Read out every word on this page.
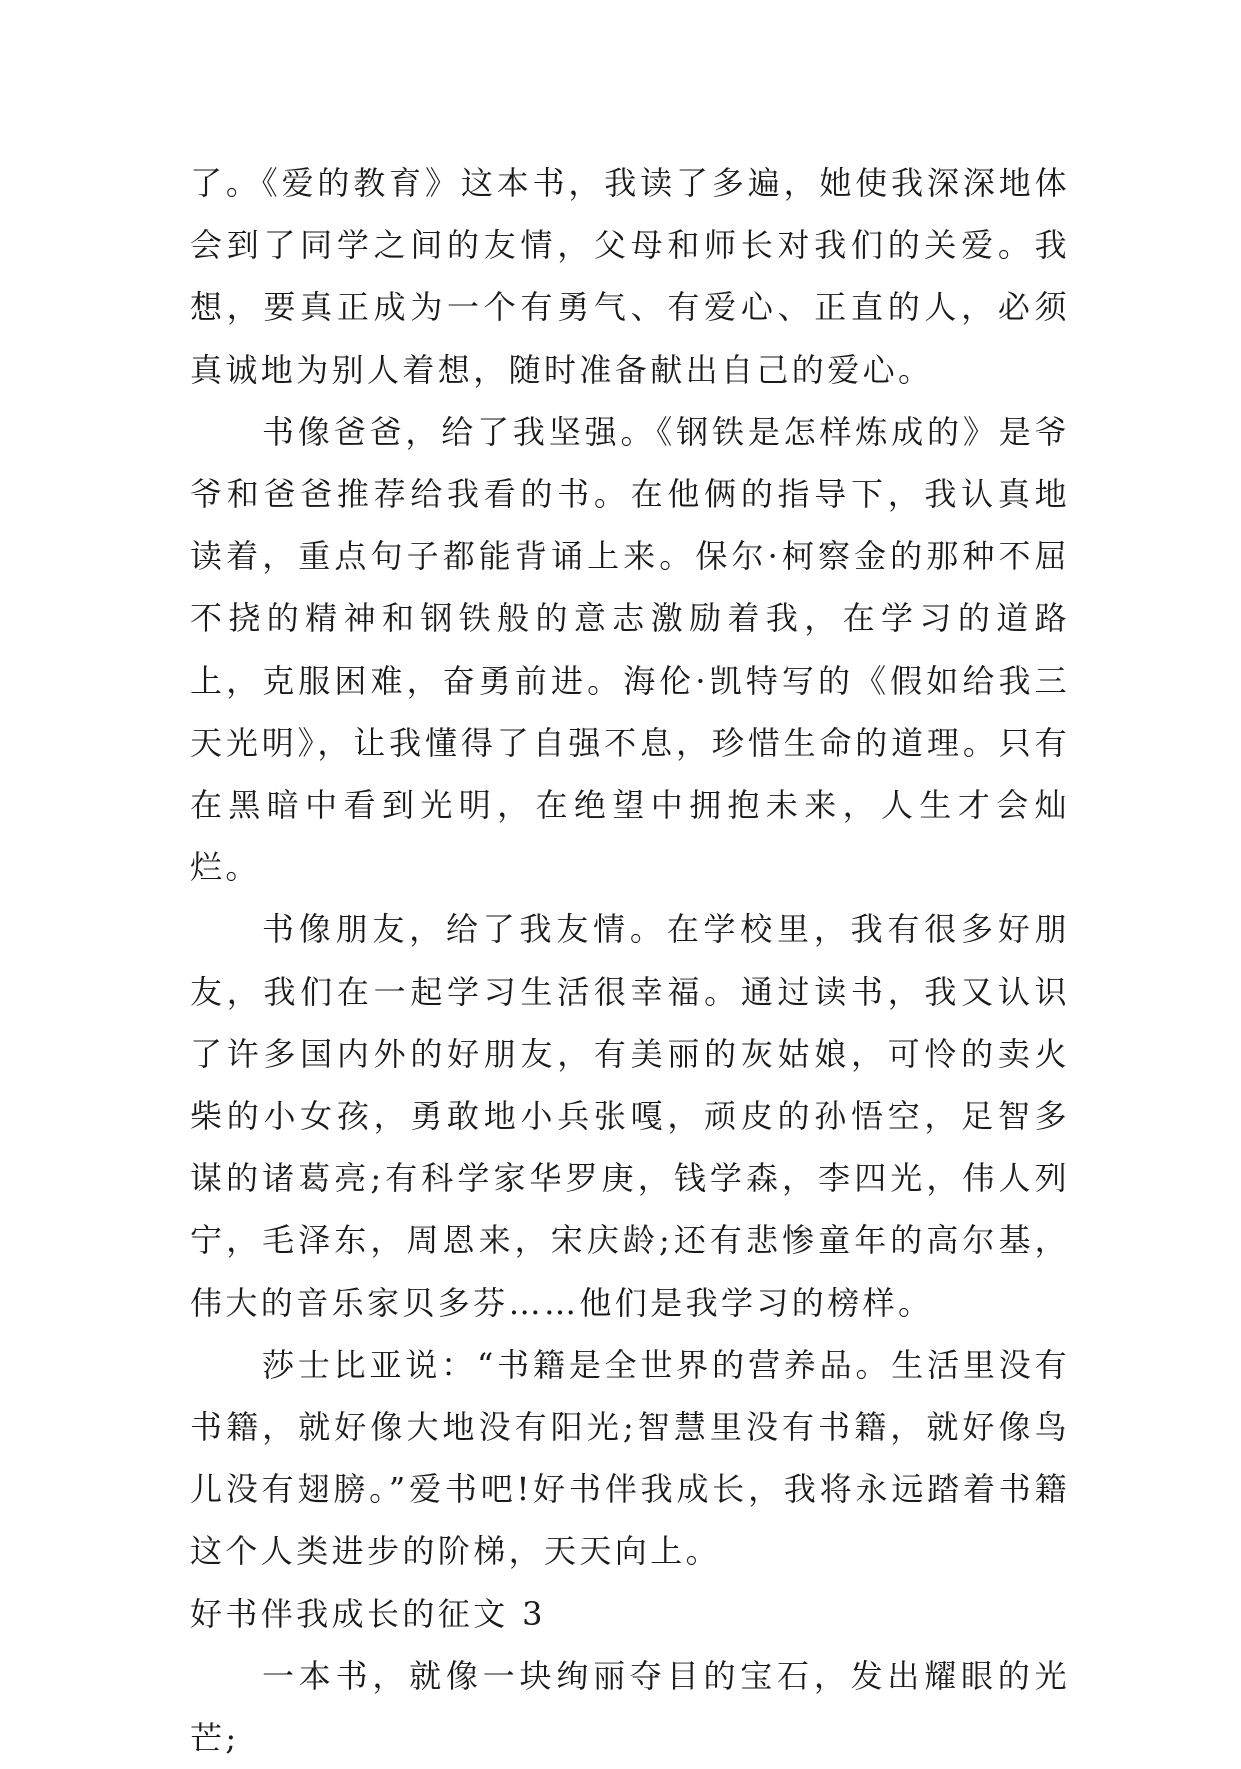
了。《爱的教育》这本书，我读了多遍，她使我深深地体会到了同学之间的友情，父母和师长对我们的关爱。我想，要真正成为一个有勇气、有爱心、正直的人，必须真诚地为别人着想，随时准备献出自己的爱心。

书像爸爸，给了我坚强。《钢铁是怎样炼成的》是爷爷和爸爸推荐给我看的书。在他俩的指导下，我认真地读着，重点句子都能背诵上来。保尔·柯察金的那种不屈不挠的精神和钢铁般的意志激励着我，在学习的道路上，克服困难，奋勇前进。海伦·凯特写的《假如给我三天光明》，让我懂得了自强不息，珍惜生命的道理。只有在黑暗中看到光明，在绝望中拥抱未来，人生才会灿烂。

书像朋友，给了我友情。在学校里，我有很多好朋友，我们在一起学习生活很幸福。通过读书，我又认识了许多国内外的好朋友，有美丽的灰姑娘，可怜的卖火柴的小女孩，勇敢地小兵张嘎，顽皮的孙悟空，足智多谋的诸葛亮;有科学家华罗庚，钱学森，李四光，伟人列宁，毛泽东，周恩来，宋庆龄;还有悲惨童年的高尔基，伟大的音乐家贝多芬……他们是我学习的榜样。

莎士比亚说：“书籍是全世界的营养品。生活里没有书籍，就好像大地没有阳光;智慧里没有书籍，就好像鸟儿没有翅膀。”爱书吧!好书伴我成长，我将永远踏着书籍这个人类进步的阶梯，天天向上。

好书伴我成长的征文 3

一本书，就像一块绚丽夺目的宝石，发出耀眼的光芒;
